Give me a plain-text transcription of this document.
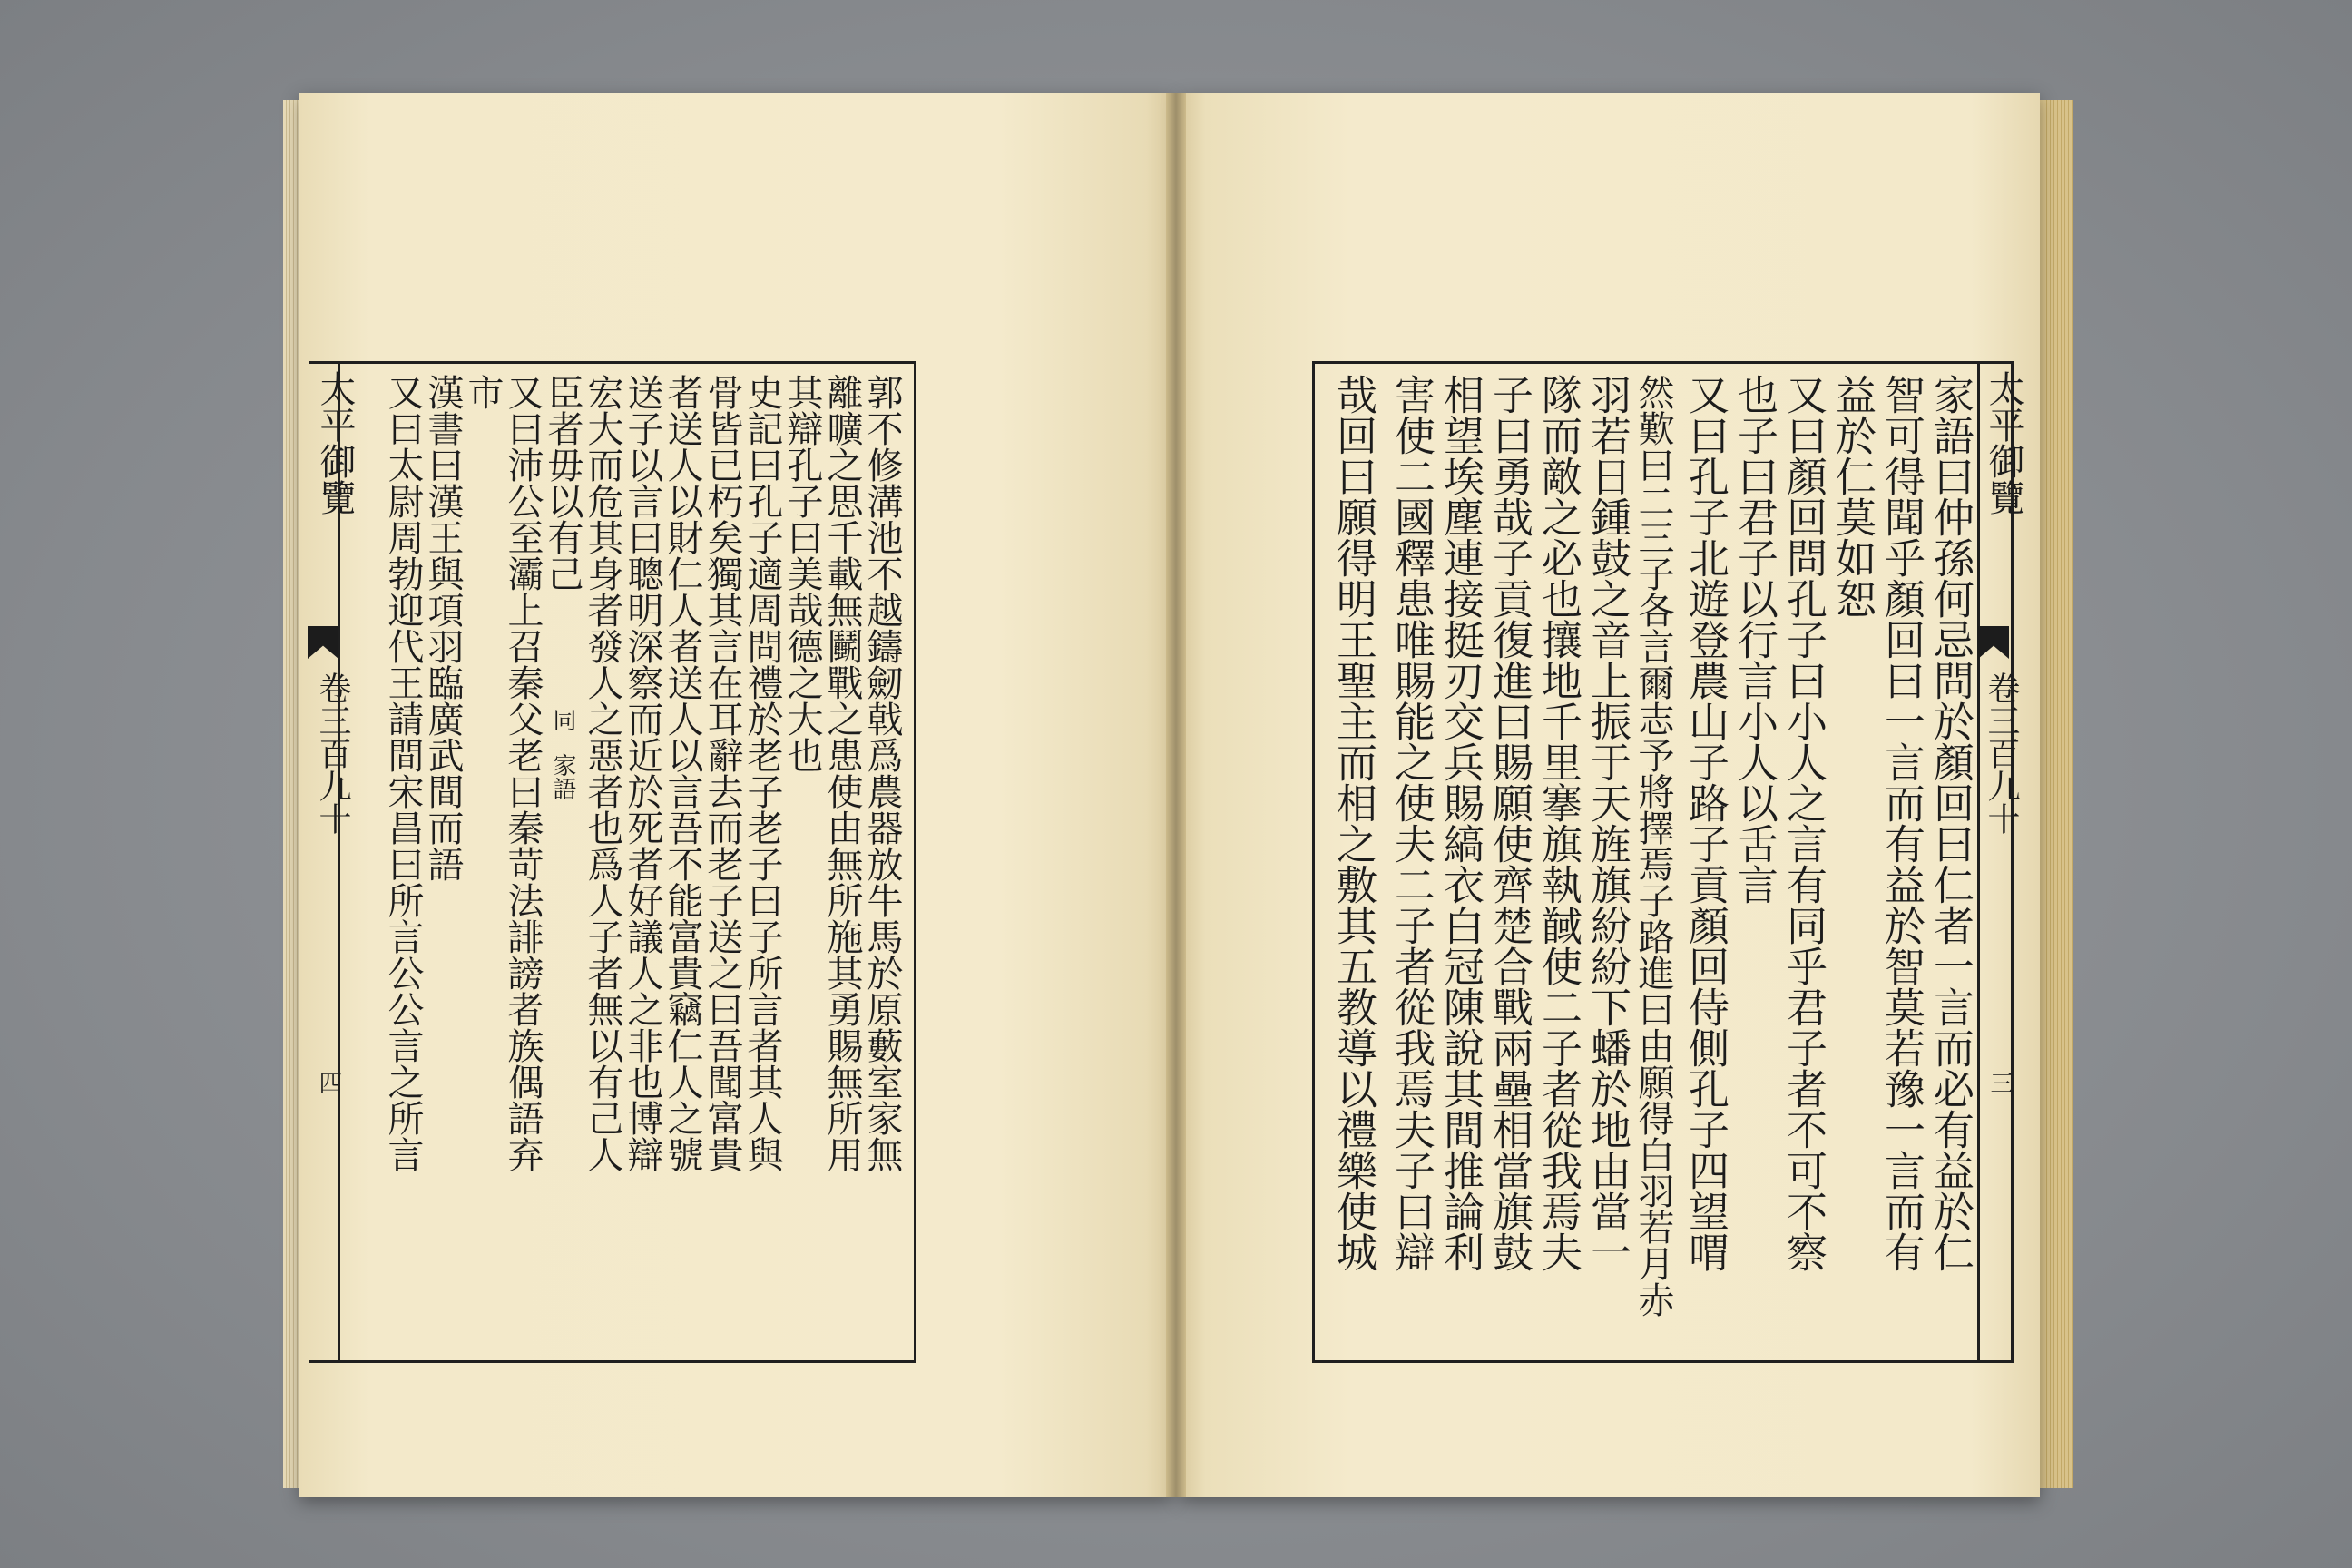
太平御覽
卷三百九十
四
太平御覽
卷三百九十
三
郭不修溝池不越鑄劒戟爲農器放牛馬於原藪室家無
離曠之思千載無鬭戰之患使由無所施其勇賜無所用
其辯孔子曰美哉德之大也
史記曰孔子適周問禮於老子老子曰子所言者其人與
骨皆已朽矣獨其言在耳辭去而老子送之曰吾聞富貴
者送人以財仁人者送人以言吾不能富貴竊仁人之號
送子以言曰聰明深察而近於死者好議人之非也博辯
宏大而危其身者發人之惡者也爲人子者無以有己人
臣者毋以有己
家語
同
又曰沛公至灞上召秦父老曰秦苛法誹謗者族偶語弃
市
漢書曰漢王與項羽臨廣武間而語
又曰太尉周勃迎代王請間宋昌曰所言公公言之所言	家語曰仲孫何忌問於顏回曰仁者一言而必有益於仁
智可得聞乎顏回曰一言而有益於智莫若豫一言而有
益於仁莫如恕
又曰顏回問孔子曰小人之言有同乎君子者不可不察
也子曰君子以行言小人以舌言
又曰孔子北遊登農山子路子貢顏回侍側孔子四望喟
然歎曰二三子各言爾志予將擇焉子路進曰由願得白羽若月赤
羽若日鍾鼓之音上振于天旌旗紛紛下蟠於地由當一
隊而敵之必也攘地千里搴旗執馘使二子者從我焉夫
子曰勇哉子貢復進曰賜願使齊楚合戰兩壘相當旗鼓
相望埃塵連接挺刃交兵賜縞衣白冠陳說其間推論利
害使二國釋患唯賜能之使夫二子者從我焉夫子曰辯
哉回曰願得明王聖主而相之敷其五教導以禮樂使城
